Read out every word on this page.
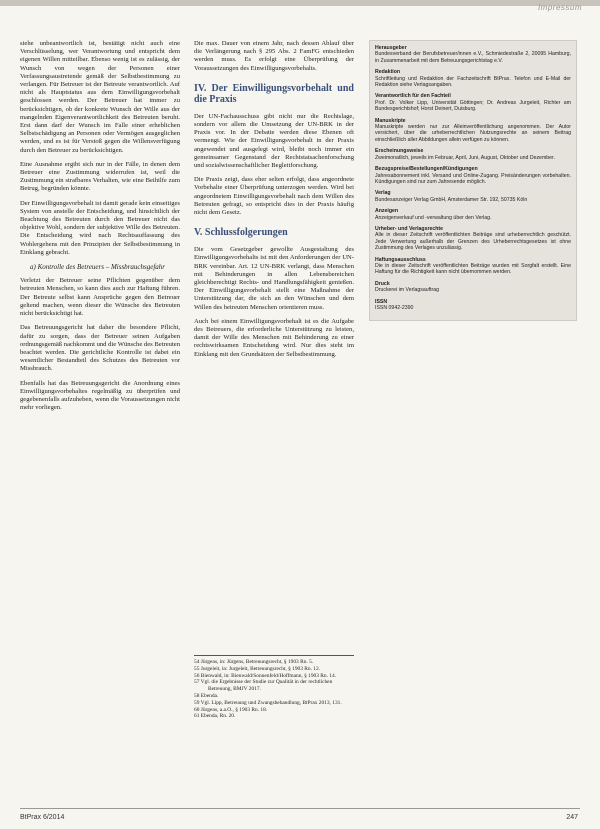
Impressum

siehe unbeantwortlich ist, bestätigt nicht auch eine Verschlüsselung, wer Verantwortung und entspricht dem eigenen Willen mitteilbar. Ebenso wenig ist es zulässig, der Wunsch von wegen der Personen einer Verfassungsaustretende gemäß der Selbstbestimmung zu verlangen. Für Betreuer ist der Betreute verantwortlich. Auf nicht als Hauptstatus aus dem Einwilligungsvorbehalt geschlossen werden. Der Betreuer hat immer zu berücksichtigen, ob der konkrete Wunsch der Wille aus der mangelnden Eigenverantwortlichkeit des Betreuten beruht. Erst dann darf der Wunsch im Falle einer erheblichen Selbstschädigung an Personen oder Vermögen ausgeglichen werden, und es ist für Verstoß gegen die Willensverfügung durch den Betreuer zu berücksichtigen.

Eine Ausnahme ergibt sich nur in der Fälle, in denen dem Betreuer eine Zustimmung widerrufen ist, weil die Zustimmung ein strafbares Verhalten, wie eine Beihilfe zum Betrug, begründen könnte.

Der Einwilligungsvorbehalt ist damit gerade kein einseitiges System von anstelle der Entscheidung, und hinsichtlich der Beachtung des Betreuten durch den Betreuer nicht das objektive Wohl, sondern der subjektive Wille des Betreuten. Die Entscheidung wird nach Rechtsauffassung des Wohlergehens mit den Prinzipien der Selbstbestimmung in Einklang gebracht.

a) Kontrolle des Betreuers – Missbrauchsgefahr

Verletzt der Betreuer seine Pflichten gegenüber dem betreuten Menschen, so kann dies auch zur Haftung führen. Der Betreute selbst kann Ansprüche gegen den Betreuer geltend machen, wenn dieser die Wünsche des Betreuten nicht berücksichtigt hat.

Das Betreuungsgericht hat daher die besondere Pflicht, dafür zu sorgen, dass der Betreuer seinen Aufgaben ordnungsgemäß nachkommt und die Wünsche des Betreuten beachtet werden. Die gerichtliche Kontrolle ist dabei ein wesentlicher Bestandteil des Schutzes des Betreuten vor Missbrauch.

Ebenfalls hat das Betreuungsgericht die Anordnung eines Einwilligungsvorbehaltes regelmäßig zu überprüfen und gegebenenfalls aufzuheben, wenn die Voraussetzungen nicht mehr vorliegen.

Die max. Dauer von einem Jahr, nach dessen Ablauf über die Verlängerung nach § 295 Abs. 2 FamFG entschieden werden muss. Es erfolgt eine Überprüfung der Voraussetzungen des Einwilligungsvorbehalts.

IV. Der Einwilligungsvorbehalt und die Praxis

Der UN-Fachausschuss gibt nicht nur die Rechtslage, sondern vor allem die Umsetzung der UN-BRK in der Praxis vor. In der Debatte werden diese Ebenen oft vermengt. Wie der Einwilligungsvorbehalt in der Praxis angewendet und ausgelegt wird, bleibt noch immer ein gemeinsamer Gegenstand der Rechtstatsachenforschung und sozialwissenschaftlicher Begleitforschung.

Die Praxis zeigt, dass eher selten erfolgt, dass angeordnete Vorbehalte einer Überprüfung unterzogen werden. Wird bei angeordnetem Einwilligungsvorbehalt nach dem Willen des Betreuten gefragt, so entspricht dies in der Praxis häufig nicht dem Gesetz.

V. Schlussfolgerungen

Die vom Gesetzgeber gewollte Ausgestaltung des Einwilligungsvorbehalts ist mit den Anforderungen der UN-BRK vereinbar. Art. 12 UN-BRK verlangt, dass Menschen mit Behinderungen in allen Lebensbereichen gleichberechtigt Rechts- und Handlungsfähigkeit genießen. Der Einwilligungsvorbehalt stellt eine Maßnahme der Unterstützung dar, die sich an den Wünschen und dem Willen des betreuten Menschen orientieren muss.

Auch bei einem Einwilligungsvorbehalt ist es die Aufgabe des Betreuers, die erforderliche Unterstützung zu leisten, damit der Wille des Menschen mit Behinderung zu einer rechtswirksamen Entscheidung wird. Nur dies steht im Einklang mit den Grundsätzen der Selbstbestimmung.

54 Jürgens, in: Jürgens, Betreuungsrecht, § 1903 Rn. 5.
55 Jurgeleit, in: Jurgeleit, Betreuungsrecht, § 1903 Rn. 12.
56 Bienwald, in: Bienwald/Sonnenfeld/Hoffmann, § 1903 Rn. 14.
57 Vgl. die Ergebnisse der Studie zur Qualität in der rechtlichen Betreuung, BMJV 2017.
58 Ebenda.
59 Vgl. Lipp, Betreuung und Zwangsbehandlung, BtPrax 2013, 131.
60 Jürgens, a.a.O., § 1903 Rn. 18.
61 Ebenda, Rn. 20.
Herausgeber
Bundesverband der Berufsbetreuer/innen e.V., Schmiedestraße 2, 20095 Hamburg, in Zusammenarbeit mit dem Betreuungsgerichtstag e.V.
Redaktion
Schriftleitung und Redaktion der Fachzeitschrift BtPrax. Telefon und E-Mail der Redaktion siehe Verlagsangaben.
Verantwortlich für den Fachteil
Prof. Dr. Volker Lipp, Universität Göttingen; Dr. Andreas Jurgeleit, Richter am Bundesgerichtshof; Horst Deinert, Duisburg.
Manuskripte
Manuskripte werden nur zur Alleinveröffentlichung angenommen. Der Autor versichert, über die urheberrechtlichen Nutzungsrechte an seinem Beitrag einschließlich aller Abbildungen allein verfügen zu können.
Erscheinungsweise
Zweimonatlich, jeweils im Februar, April, Juni, August, Oktober und Dezember.
Bezugspreise/Bestellungen/Kündigungen
Jahresabonnement inkl. Versand und Online-Zugang. Preisänderungen vorbehalten. Kündigungen sind nur zum Jahresende möglich.
Verlag
Bundesanzeiger Verlag GmbH, Amsterdamer Str. 192, 50735 Köln
Anzeigen
Anzeigenverkauf und -verwaltung über den Verlag.
Urheber- und Verlagsrechte
Alle in dieser Zeitschrift veröffentlichten Beiträge sind urheberrechtlich geschützt. Jede Verwertung außerhalb der Grenzen des Urheberrechtsgesetzes ist ohne Zustimmung des Verlages unzulässig.
Haftungsausschluss
Die in dieser Zeitschrift veröffentlichten Beiträge wurden mit Sorgfalt erstellt. Eine Haftung für die Richtigkeit kann nicht übernommen werden.
Druck
Druckerei im Verlagsauftrag
ISSN
ISSN 0942-2390
BtPrax 6/2014	247
